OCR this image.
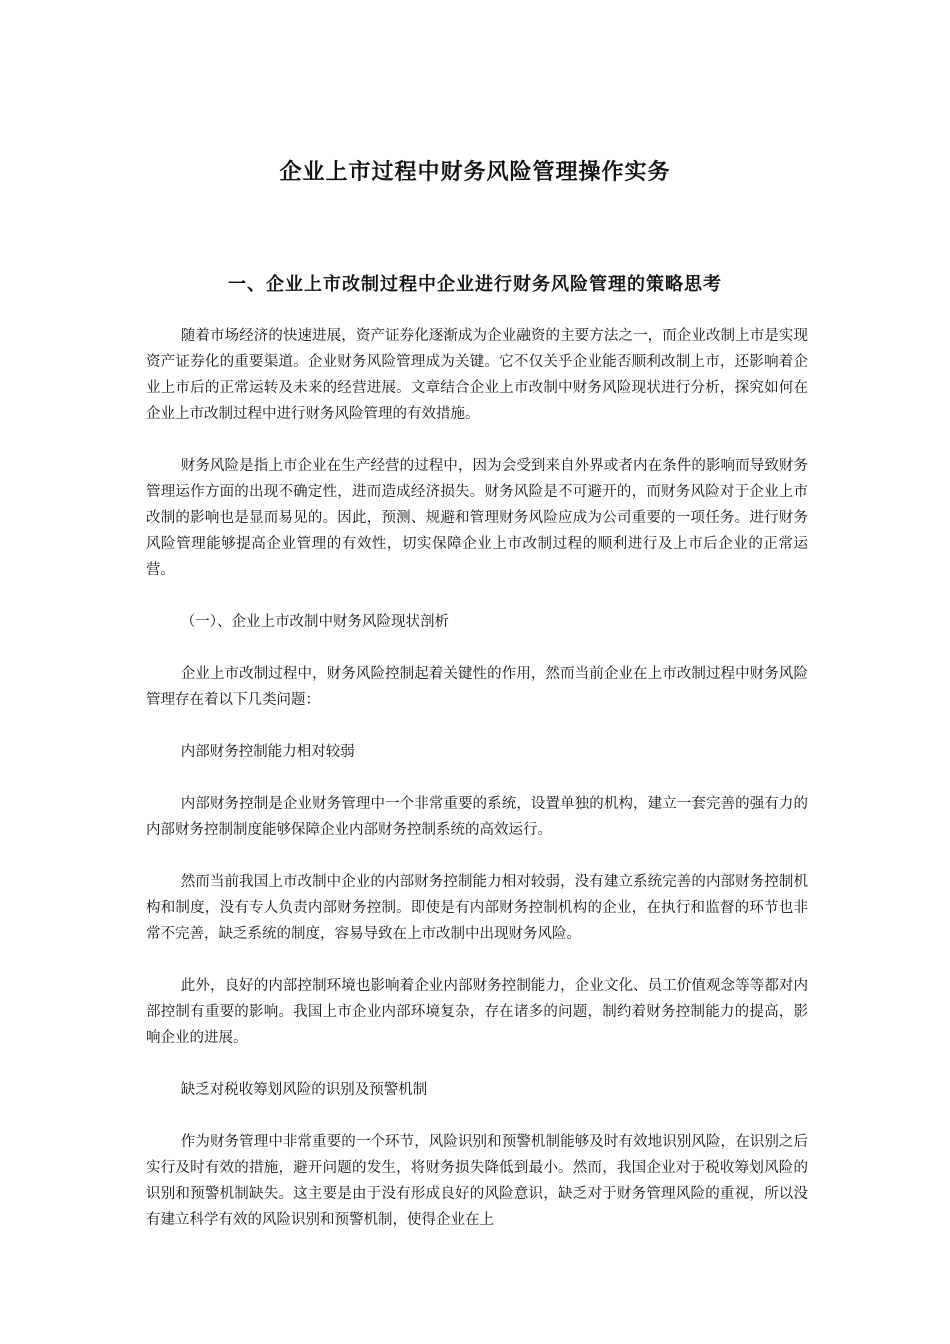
企业上市过程中财务风险管理操作实务
一、企业上市改制过程中企业进行财务风险管理的策略思考

随着市场经济的快速进展，资产证券化逐渐成为企业融资的主要方法之一，而企业改制上市是实现资产证券化的重要渠道。企业财务风险管理成为关键。它不仅关乎企业能否顺利改制上市，还影响着企业上市后的正常运转及未来的经营进展。文章结合企业上市改制中财务风险现状进行分析，探究如何在企业上市改制过程中进行财务风险管理的有效措施。

财务风险是指上市企业在生产经营的过程中，因为会受到来自外界或者内在条件的影响而导致财务管理运作方面的出现不确定性，进而造成经济损失。财务风险是不可避开的，而财务风险对于企业上市改制的影响也是显而易见的。因此，预测、规避和管理财务风险应成为公司重要的一项任务。进行财务风险管理能够提高企业管理的有效性，切实保障企业上市改制过程的顺利进行及上市后企业的正常运营。

（一）、企业上市改制中财务风险现状剖析

企业上市改制过程中，财务风险控制起着关键性的作用，然而当前企业在上市改制过程中财务风险管理存在着以下几类问题：

内部财务控制能力相对较弱

内部财务控制是企业财务管理中一个非常重要的系统，设置单独的机构，建立一套完善的强有力的内部财务控制制度能够保障企业内部财务控制系统的高效运行。

然而当前我国上市改制中企业的内部财务控制能力相对较弱，没有建立系统完善的内部财务控制机构和制度，没有专人负责内部财务控制。即使是有内部财务控制机构的企业，在执行和监督的环节也非常不完善，缺乏系统的制度，容易导致在上市改制中出现财务风险。

此外，良好的内部控制环境也影响着企业内部财务控制能力，企业文化、员工价值观念等等都对内部控制有重要的影响。我国上市企业内部环境复杂，存在诸多的问题，制约着财务控制能力的提高，影响企业的进展。

缺乏对税收筹划风险的识别及预警机制

作为财务管理中非常重要的一个环节，风险识别和预警机制能够及时有效地识别风险，在识别之后实行及时有效的措施，避开问题的发生，将财务损失降低到最小。然而，我国企业对于税收筹划风险的识别和预警机制缺失。这主要是由于没有形成良好的风险意识，缺乏对于财务管理风险的重视，所以没有建立科学有效的风险识别和预警机制，使得企业在上
